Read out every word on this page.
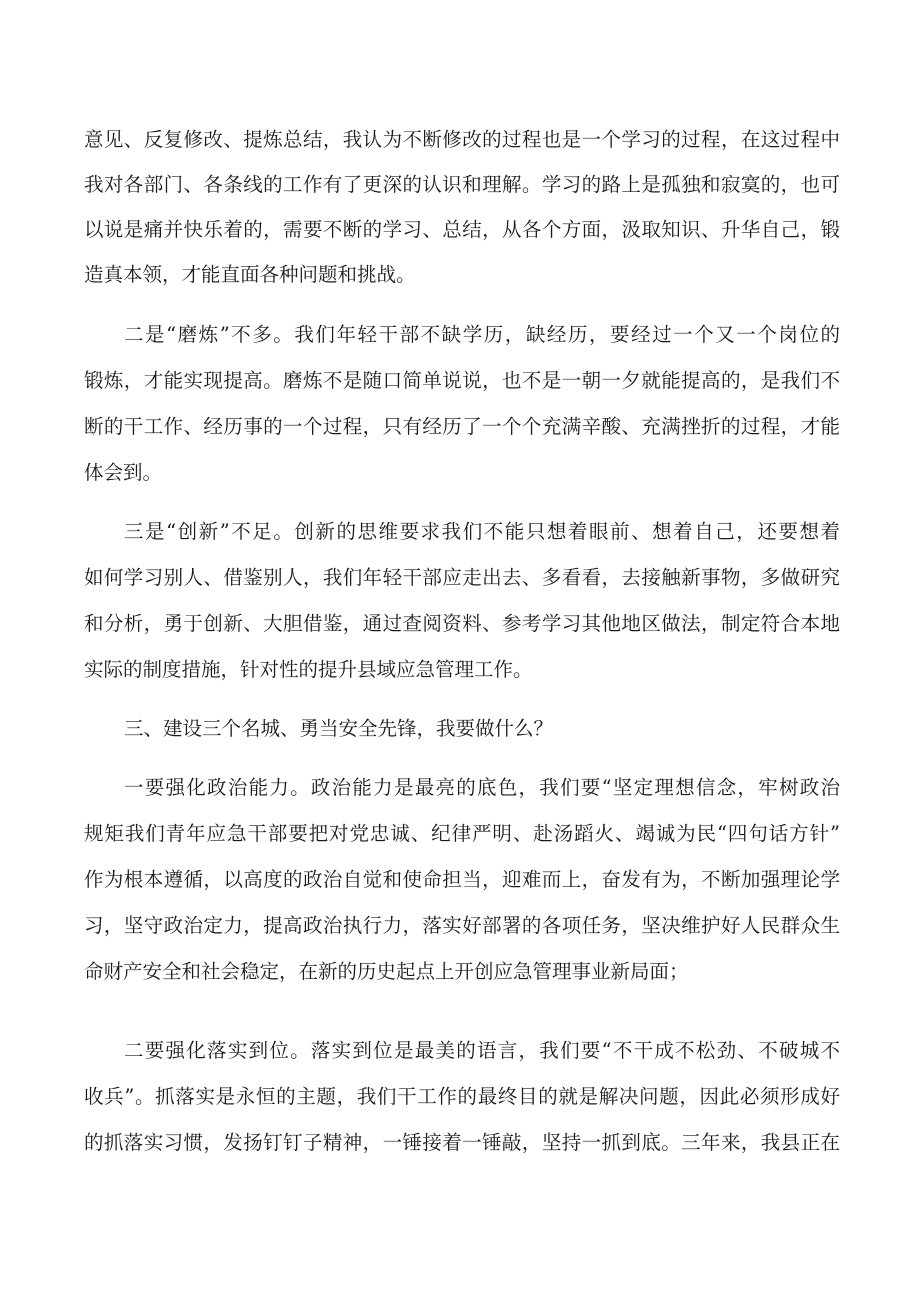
意见、反复修改、提炼总结，我认为不断修改的过程也是一个学习的过程，在这过程中

我对各部门、各条线的工作有了更深的认识和理解。学习的路上是孤独和寂寞的，也可

以说是痛并快乐着的，需要不断的学习、总结，从各个方面，汲取知识、升华自己，锻

造真本领，才能直面各种问题和挑战。

二是“磨炼”不多。我们年轻干部不缺学历，缺经历，要经过一个又一个岗位的

锻炼，才能实现提高。磨炼不是随口简单说说，也不是一朝一夕就能提高的，是我们不

断的干工作、经历事的一个过程，只有经历了一个个充满辛酸、充满挫折的过程，才能

体会到。

三是“创新”不足。创新的思维要求我们不能只想着眼前、想着自己，还要想着

如何学习别人、借鉴别人，我们年轻干部应走出去、多看看，去接触新事物，多做研究

和分析，勇于创新、大胆借鉴，通过查阅资料、参考学习其他地区做法，制定符合本地

实际的制度措施，针对性的提升县域应急管理工作。

三、建设三个名城、勇当安全先锋，我要做什么？

一要强化政治能力。政治能力是最亮的底色，我们要“坚定理想信念，牢树政治

规矩我们青年应急干部要把对党忠诚、纪律严明、赴汤蹈火、竭诚为民“四句话方针”

作为根本遵循，以高度的政治自觉和使命担当，迎难而上，奋发有为，不断加强理论学

习，坚守政治定力，提高政治执行力，落实好部署的各项任务，坚决维护好人民群众生

命财产安全和社会稳定，在新的历史起点上开创应急管理事业新局面；

二要强化落实到位。落实到位是最美的语言，我们要“不干成不松劲、不破城不

收兵”。抓落实是永恒的主题，我们干工作的最终目的就是解决问题，因此必须形成好

的抓落实习惯，发扬钉钉子精神，一锤接着一锤敲，坚持一抓到底。三年来，我县正在
